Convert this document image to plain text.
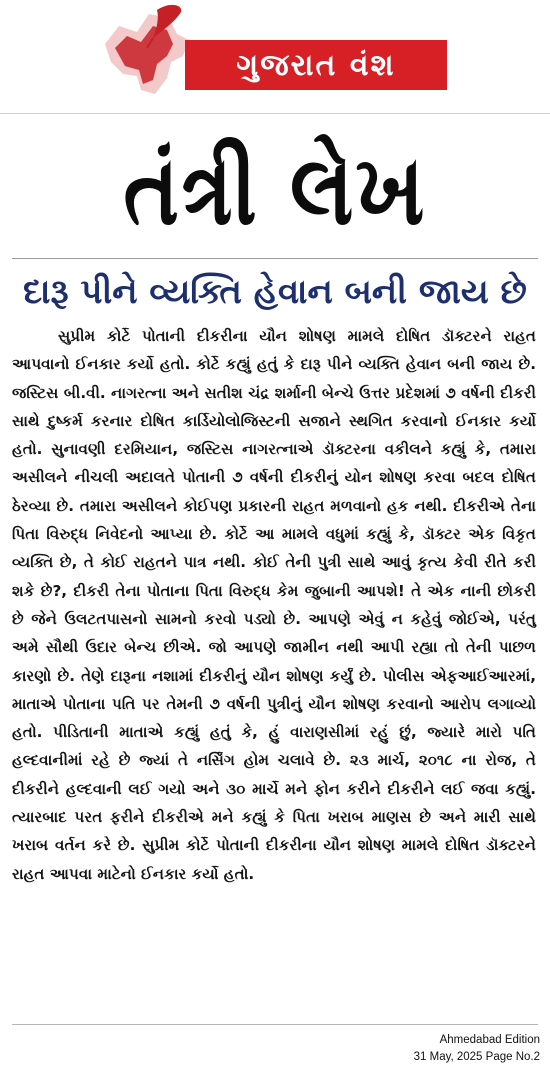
ગુજરાત વંશ
તંત્રી લેખ
દારૂ પીને વ્યક્તિ હેવાન બની જાય છે
સુપ્રીમ કોર્ટે પોતાની દીકરીના યૌન શોષણ મામલે દોષિત ડૉક્ટરને રાહત આપવાનો ઈનકાર કર્યો હતો. કોર્ટે કહ્યું હતું કે દારૂ પીને વ્યક્તિ હેવાન બની જાય છે. જસ્ટિસ બી.વી. નાગરત્ના અને સતીશ ચંદ્ર શર્માની બેન્ચે ઉત્તર પ્રદેશમાં ૭ વર્ષની દીકરી સાથે દુષ્કર્મ કરનાર દોષિત કાર્ડિયોલોજિસ્ટની સજાને સ્થગિત કરવાનો ઈનકાર કર્યો હતો. સુનાવણી દરમિયાન, જસ્ટિસ નાગરત્નાએ ડૉક્ટરના વકીલને કહ્યું કે, તમારા અસીલને નીચલી અદાલતે પોતાની ૭ વર્ષની દીકરીનું યોન શોષણ કરવા બદલ દોષિત ઠેરવ્યા છે. તમારા અસીલને કોઈપણ પ્રકારની રાહત મળવાનો હક નથી. દીકરીએ તેના પિતા વિરુદ્ધ નિવેદનો આપ્યા છે. કોર્ટે આ મામલે વધુમાં કહ્યું કે, ડૉક્ટર એક વિકૃત વ્યક્તિ છે, તે કોઈ રાહતને પાત્ર નથી. કોઈ તેની પુત્રી સાથે આવું કૃત્ય કેવી રીતે કરી શકે છે?, દીકરી તેના પોતાના પિતા વિરુદ્ધ કેમ જુબાની આપશે! તે એક નાની છોકરી છે જેને ઉલટતપાસનો સામનો કરવો પડ્યો છે. આપણે એવું ન કહેવું જોઈએ, પરંતુ અમે સૌથી ઉદાર બેન્ચ છીએ. જો આપણે જામીન નથી આપી રહ્યા તો તેની પાછળ કારણો છે. તેણે દારૂના નશામાં દીકરીનું યૌન શોષણ કર્યું છે. પોલીસ એફઆઈઆરમાં, માતાએ પોતાના પતિ પર તેમની ૭ વર્ષની પુત્રીનું યૌન શોષણ કરવાનો આરોપ લગાવ્યો હતો. પીડિતાની માતાએ કહ્યું હતું કે, હું વારાણસીમાં રહું છું, જ્યારે મારો પતિ હલ્દવાનીમાં રહે છે જ્યાં તે નર્સિંગ હોમ ચલાવે છે. ૨૩ માર્ચ, ૨૦૧૮ ના રોજ, તે દીકરીને હલ્દવાની લઈ ગયો અને ૩૦ માર્ચે મને ફોન કરીને દીકરીને લઈ જવા કહ્યું. ત્યારબાદ પરત ફરીને દીકરીએ મને કહ્યું કે પિતા ખરાબ માણસ છે અને મારી સાથે ખરાબ વર્તન કરે છે. સુપ્રીમ કોર્ટે પોતાની દીકરીના યૌન શોષણ મામલે દોષિત ડૉક્ટરને રાહત આપવા માટેનો ઈનકાર કર્યો હતો.
Ahmedabad Edition
31 May, 2025 Page No.2
